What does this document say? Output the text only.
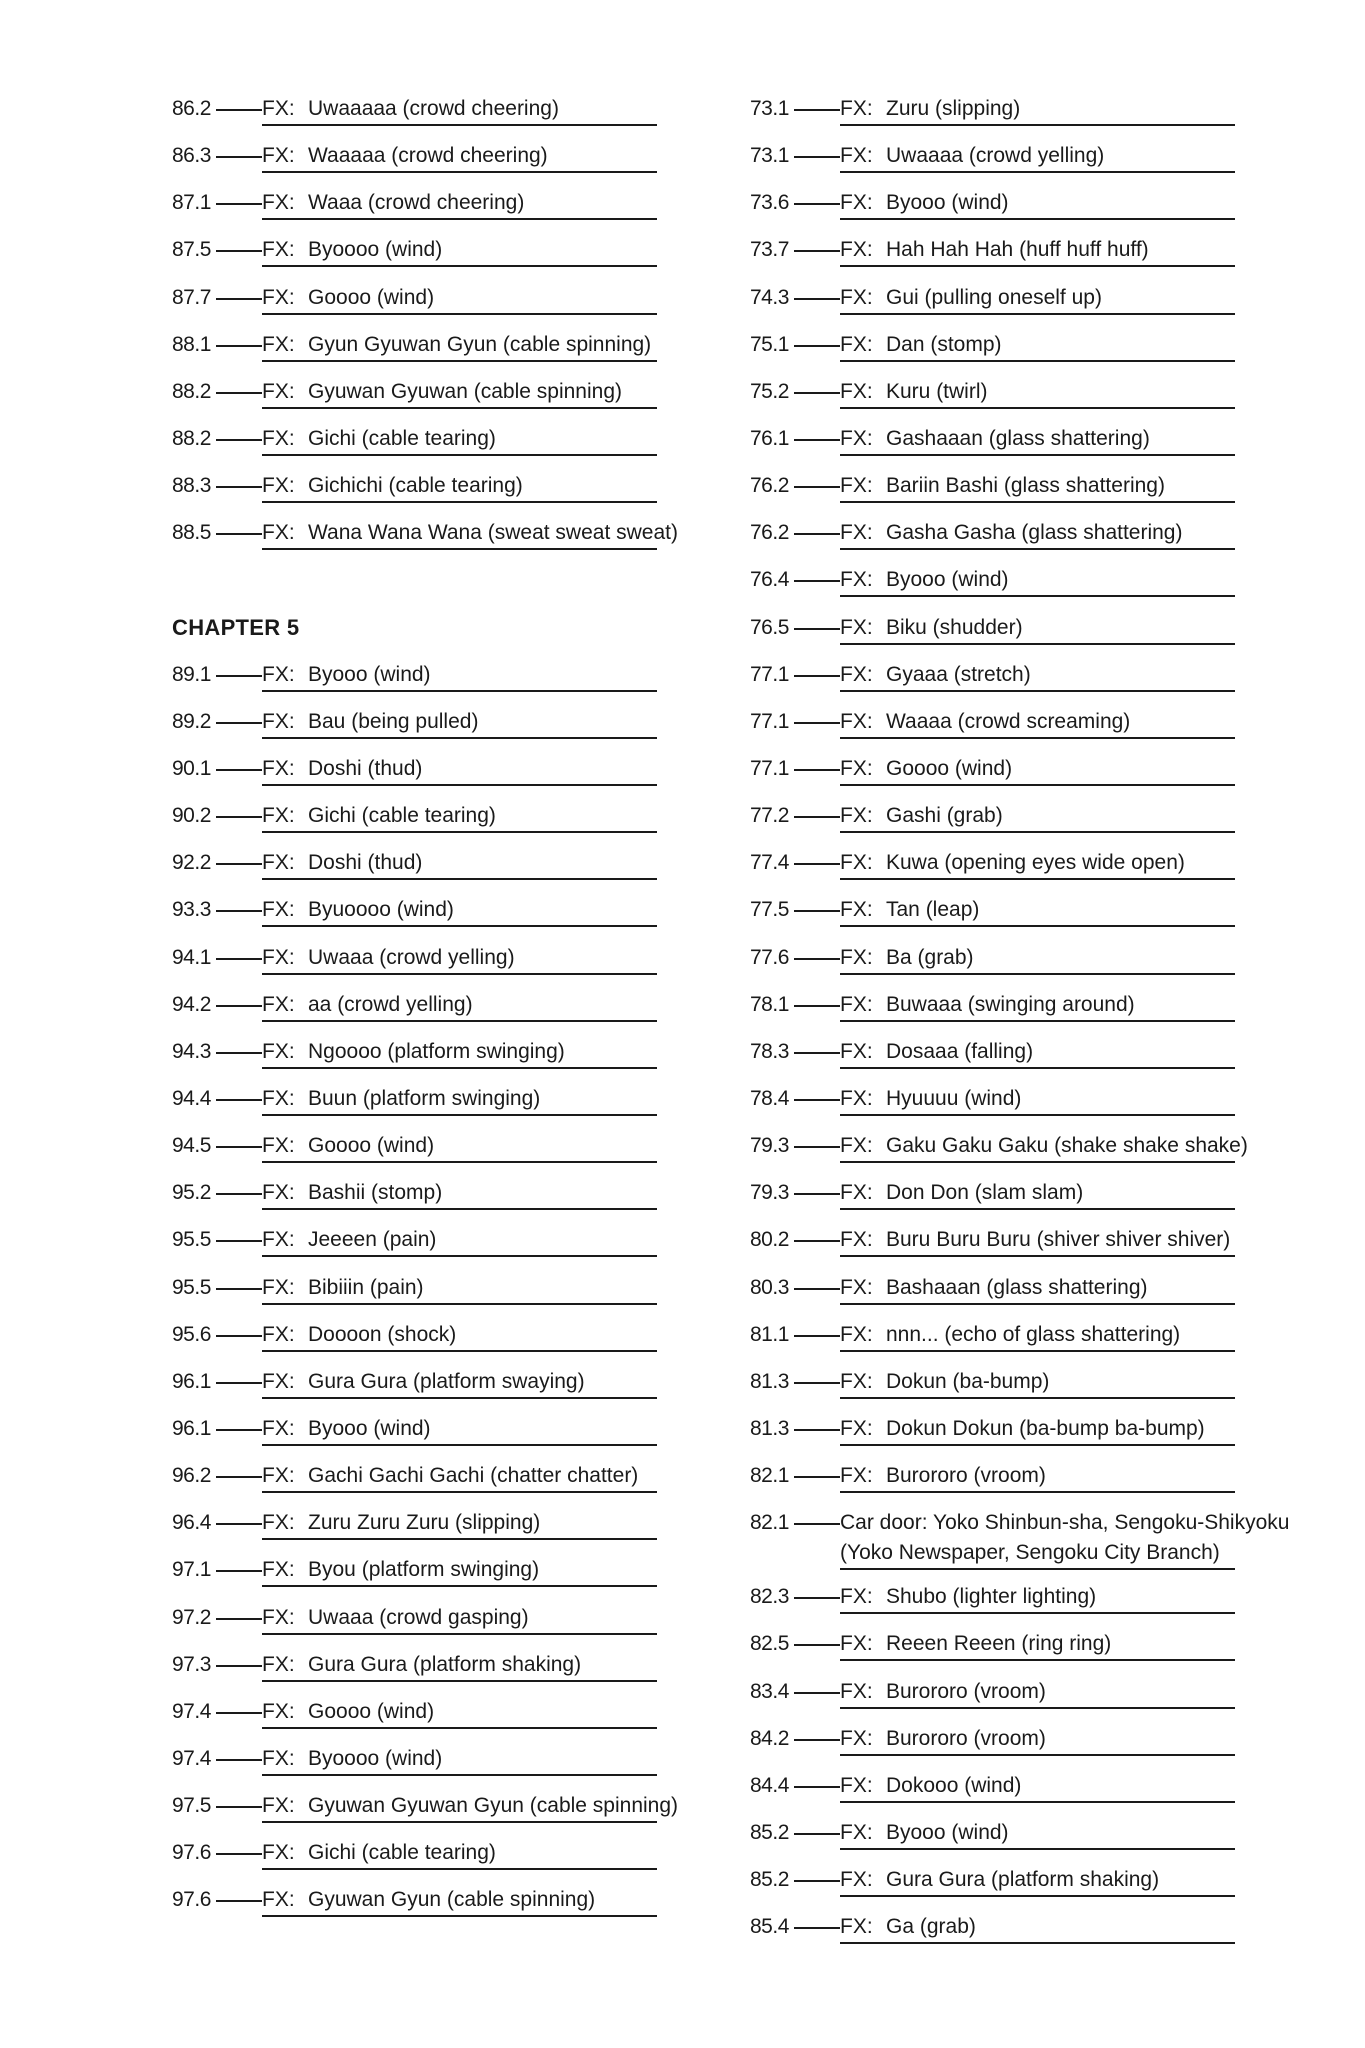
86.2 FX: Uwaaaaa (crowd cheering)
86.3 FX: Waaaaa (crowd cheering)
87.1 FX: Waaa (crowd cheering)
87.5 FX: Byoooo (wind)
87.7 FX: Goooo (wind)
88.1 FX: Gyun Gyuwan Gyun (cable spinning)
88.2 FX: Gyuwan Gyuwan (cable spinning)
88.2 FX: Gichi (cable tearing)
88.3 FX: Gichichi (cable tearing)
88.5 FX: Wana Wana Wana (sweat sweat sweat)
CHAPTER 5
89.1 FX: Byooo (wind)
89.2 FX: Bau (being pulled)
90.1 FX: Doshi (thud)
90.2 FX: Gichi (cable tearing)
92.2 FX: Doshi (thud)
93.3 FX: Byuoooo (wind)
94.1 FX: Uwaaa (crowd yelling)
94.2 FX: aa (crowd yelling)
94.3 FX: Ngoooo (platform swinging)
94.4 FX: Buun (platform swinging)
94.5 FX: Goooo (wind)
95.2 FX: Bashii (stomp)
95.5 FX: Jeeeen (pain)
95.5 FX: Bibiiin (pain)
95.6 FX: Doooon (shock)
96.1 FX: Gura Gura (platform swaying)
96.1 FX: Byooo (wind)
96.2 FX: Gachi Gachi Gachi (chatter chatter)
96.4 FX: Zuru Zuru Zuru (slipping)
97.1 FX: Byou (platform swinging)
97.2 FX: Uwaaa (crowd gasping)
97.3 FX: Gura Gura (platform shaking)
97.4 FX: Goooo (wind)
97.4 FX: Byoooo (wind)
97.5 FX: Gyuwan Gyuwan Gyun (cable spinning)
97.6 FX: Gichi (cable tearing)
97.6 FX: Gyuwan Gyun (cable spinning)
73.1 FX: Zuru (slipping)
73.1 FX: Uwaaaa (crowd yelling)
73.6 FX: Byooo (wind)
73.7 FX: Hah Hah Hah (huff huff huff)
74.3 FX: Gui (pulling oneself up)
75.1 FX: Dan (stomp)
75.2 FX: Kuru (twirl)
76.1 FX: Gashaaan (glass shattering)
76.2 FX: Bariin Bashi (glass shattering)
76.2 FX: Gasha Gasha (glass shattering)
76.4 FX: Byooo (wind)
76.5 FX: Biku (shudder)
77.1 FX: Gyaaa (stretch)
77.1 FX: Waaaa (crowd screaming)
77.1 FX: Goooo (wind)
77.2 FX: Gashi (grab)
77.4 FX: Kuwa (opening eyes wide open)
77.5 FX: Tan (leap)
77.6 FX: Ba (grab)
78.1 FX: Buwaaa (swinging around)
78.3 FX: Dosaaa (falling)
78.4 FX: Hyuuuu (wind)
79.3 FX: Gaku Gaku Gaku (shake shake shake)
79.3 FX: Don Don (slam slam)
80.2 FX: Buru Buru Buru (shiver shiver shiver)
80.3 FX: Bashaaan (glass shattering)
81.1 FX: nnn... (echo of glass shattering)
81.3 FX: Dokun (ba-bump)
81.3 FX: Dokun Dokun (ba-bump ba-bump)
82.1 FX: Burororo (vroom)
82.1 Car door: Yoko Shinbun-sha, Sengoku-Shikyoku
(Yoko Newspaper, Sengoku City Branch)
82.3 FX: Shubo (lighter lighting)
82.5 FX: Reeen Reeen (ring ring)
83.4 FX: Burororo (vroom)
84.2 FX: Burororo (vroom)
84.4 FX: Dokooo (wind)
85.2 FX: Byooo (wind)
85.2 FX: Gura Gura (platform shaking)
85.4 FX: Ga (grab)
